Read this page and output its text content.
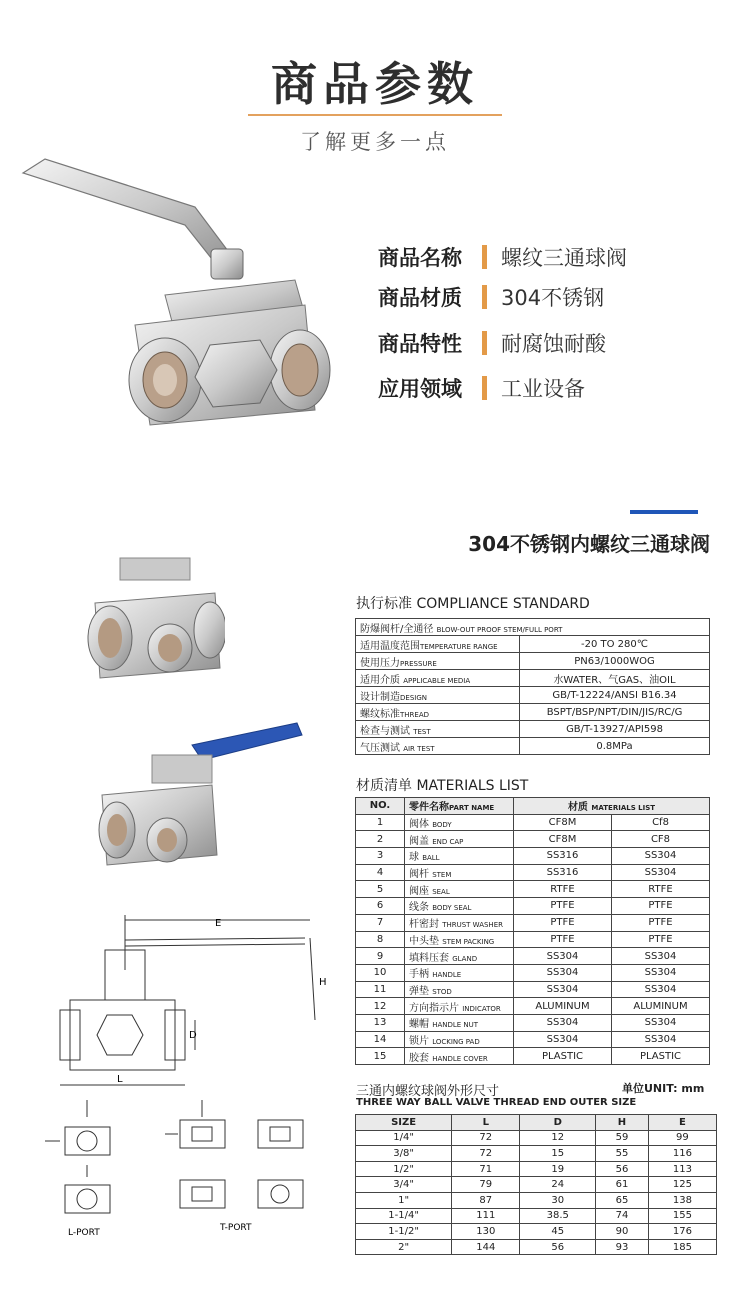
商品参数
了解更多一点
商品名称	螺纹三通球阀
商品材质	304不锈钢
商品特性	耐腐蚀耐酸
应用领域	工业设备
304不锈钢内螺纹三通球阀
E
H
D
L
L-PORT	T-PORT
执行标准 COMPLIANCE STANDARD
防爆阀杆/全通径 BLOW-OUT PROOF STEM/FULL PORT	
适用温度范围TEMPERATURE RANGE	-20 TO 280℃
使用压力PRESSURE	PN63/1000WOG
适用介质 APPLICABLE MEDIA	水WATER、气GAS、油OIL
设计制造DESIGN	GB/T-12224/ANSI B16.34
螺纹标准THREAD	BSPT/BSP/NPT/DIN/JIS/RC/G
检查与测试 TEST	GB/T-13927/API598
气压测试 AIR TEST	0.8MPa
材质清单 MATERIALS LIST
NO.	零件名称PART NAME	材质 MATERIALS LIST	
1	阀体 BODY	CF8M	Cf8
2	阀盖 END CAP	CF8M	CF8
3	球 BALL	SS316	SS304
4	阀杆 STEM	SS316	SS304
5	阀座 SEAL	RTFE	RTFE
6	线条 BODY SEAL	PTFE	PTFE
7	杆密封 THRUST WASHER	PTFE	PTFE
8	中头垫 STEM PACKING	PTFE	PTFE
9	填料压套 GLAND	SS304	SS304
10	手柄 HANDLE	SS304	SS304
11	弹垫 STOD	SS304	SS304
12	方向指示片 INDICATOR	ALUMINUM	ALUMINUM
13	螺帽 HANDLE NUT	SS304	SS304
14	锁片 LOCKING PAD	SS304	SS304
15	胶套 HANDLE COVER	PLASTIC	PLASTIC
三通内螺纹球阀外形尺寸	单位UNIT: mm
THREE WAY BALL VALVE THREAD END OUTER SIZE
SIZE	L	D	H	E
1/4"	72	12	59	99
3/8"	72	15	55	116
1/2"	71	19	56	113
3/4"	79	24	61	125
1"	87	30	65	138
1-1/4"	111	38.5	74	155
1-1/2"	130	45	90	176
2"	144	56	93	185
